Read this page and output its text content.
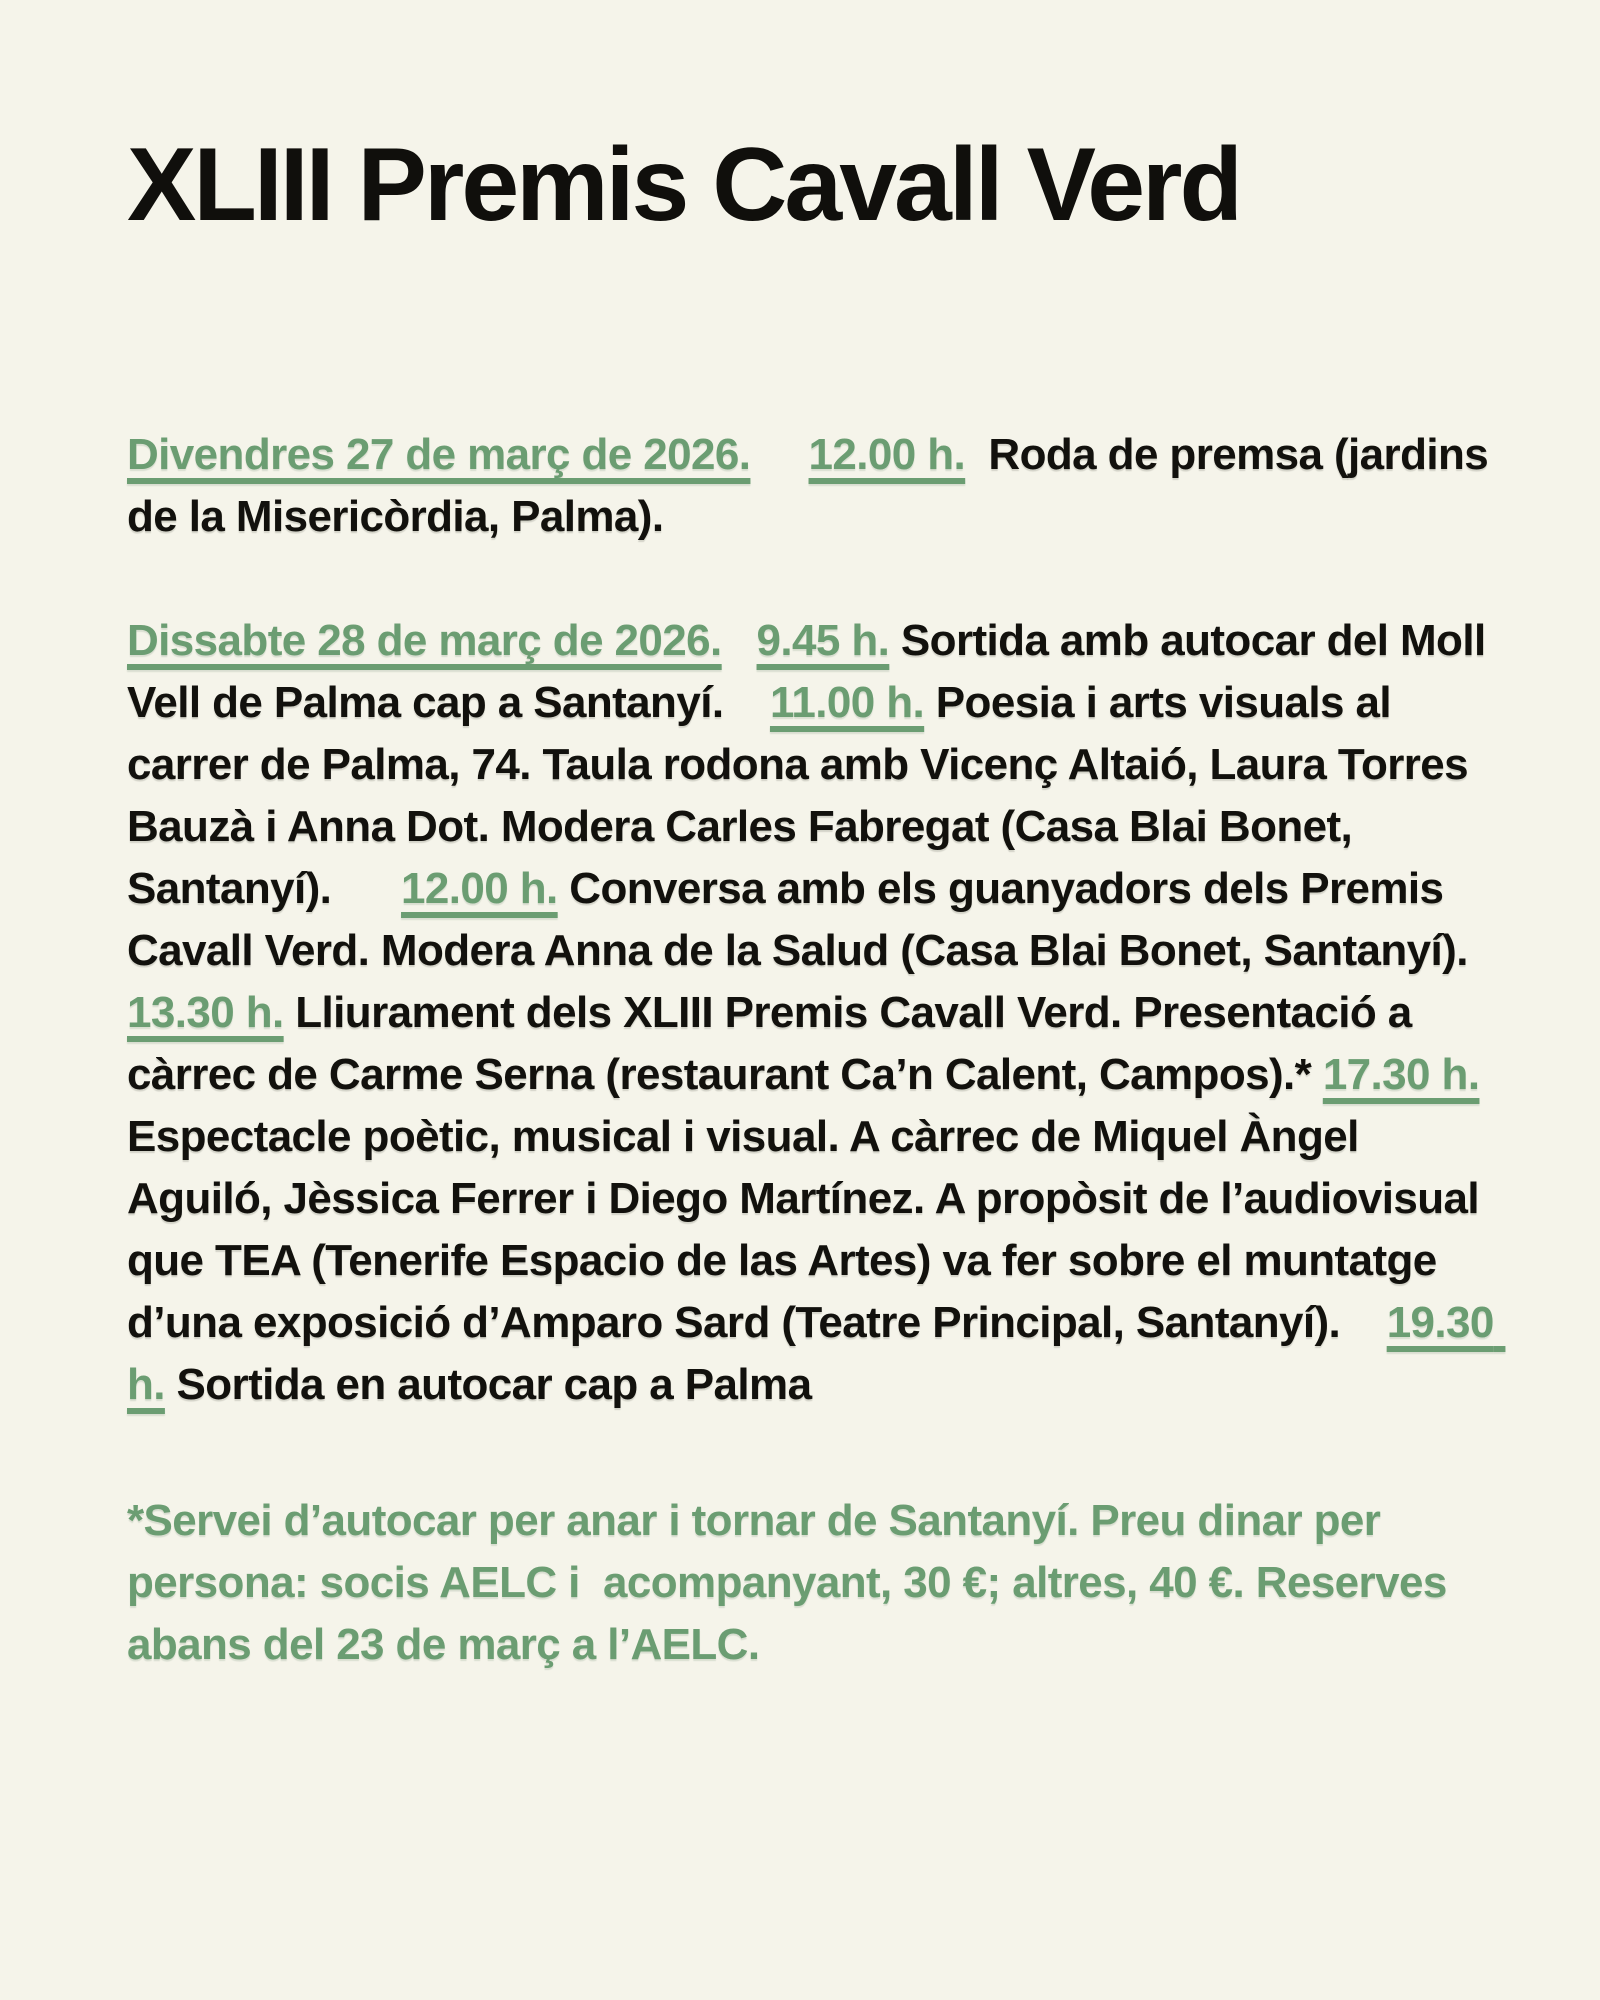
XLIII Premis Cavall Verd

Divendres 27 de març de 2026. 12.00 h.  Roda de premsa (jardins de la Misericòrdia, Palma).

Dissabte 28 de març de 2026. 9.45 h. Sortida amb autocar del Moll Vell de Palma cap a Santanyí. 11.00 h. Poesia i arts visuals al carrer de Palma, 74. Taula rodona amb Vicenç Altaió, Laura Torres Bauzà i Anna Dot. Modera Carles Fabregat (Casa Blai Bonet, Santanyí). 12.00 h. Conversa amb els guanyadors dels Premis Cavall Verd. Modera Anna de la Salud (Casa Blai Bonet, Santanyí).   13.30 h. Lliurament dels XLIII Premis Cavall Verd. Presentació a càrrec de Carme Serna (restaurant Ca’n Calent, Campos).* 17.30 h. Espectacle poètic, musical i visual. A càrrec de Miquel Àngel Aguiló, Jèssica Ferrer i Diego Martínez. A propòsit de l’audiovisual que TEA (Tenerife Espacio de las Artes) va fer sobre el muntatge d’una exposició d’Amparo Sard (Teatre Principal, Santanyí). 19.30 h. Sortida en autocar cap a Palma

*Servei d’autocar per anar i tornar de Santanyí. Preu dinar per persona: socis AELC i  acompanyant, 30 €; altres, 40 €. Reserves abans del 23 de març a l’AELC.
